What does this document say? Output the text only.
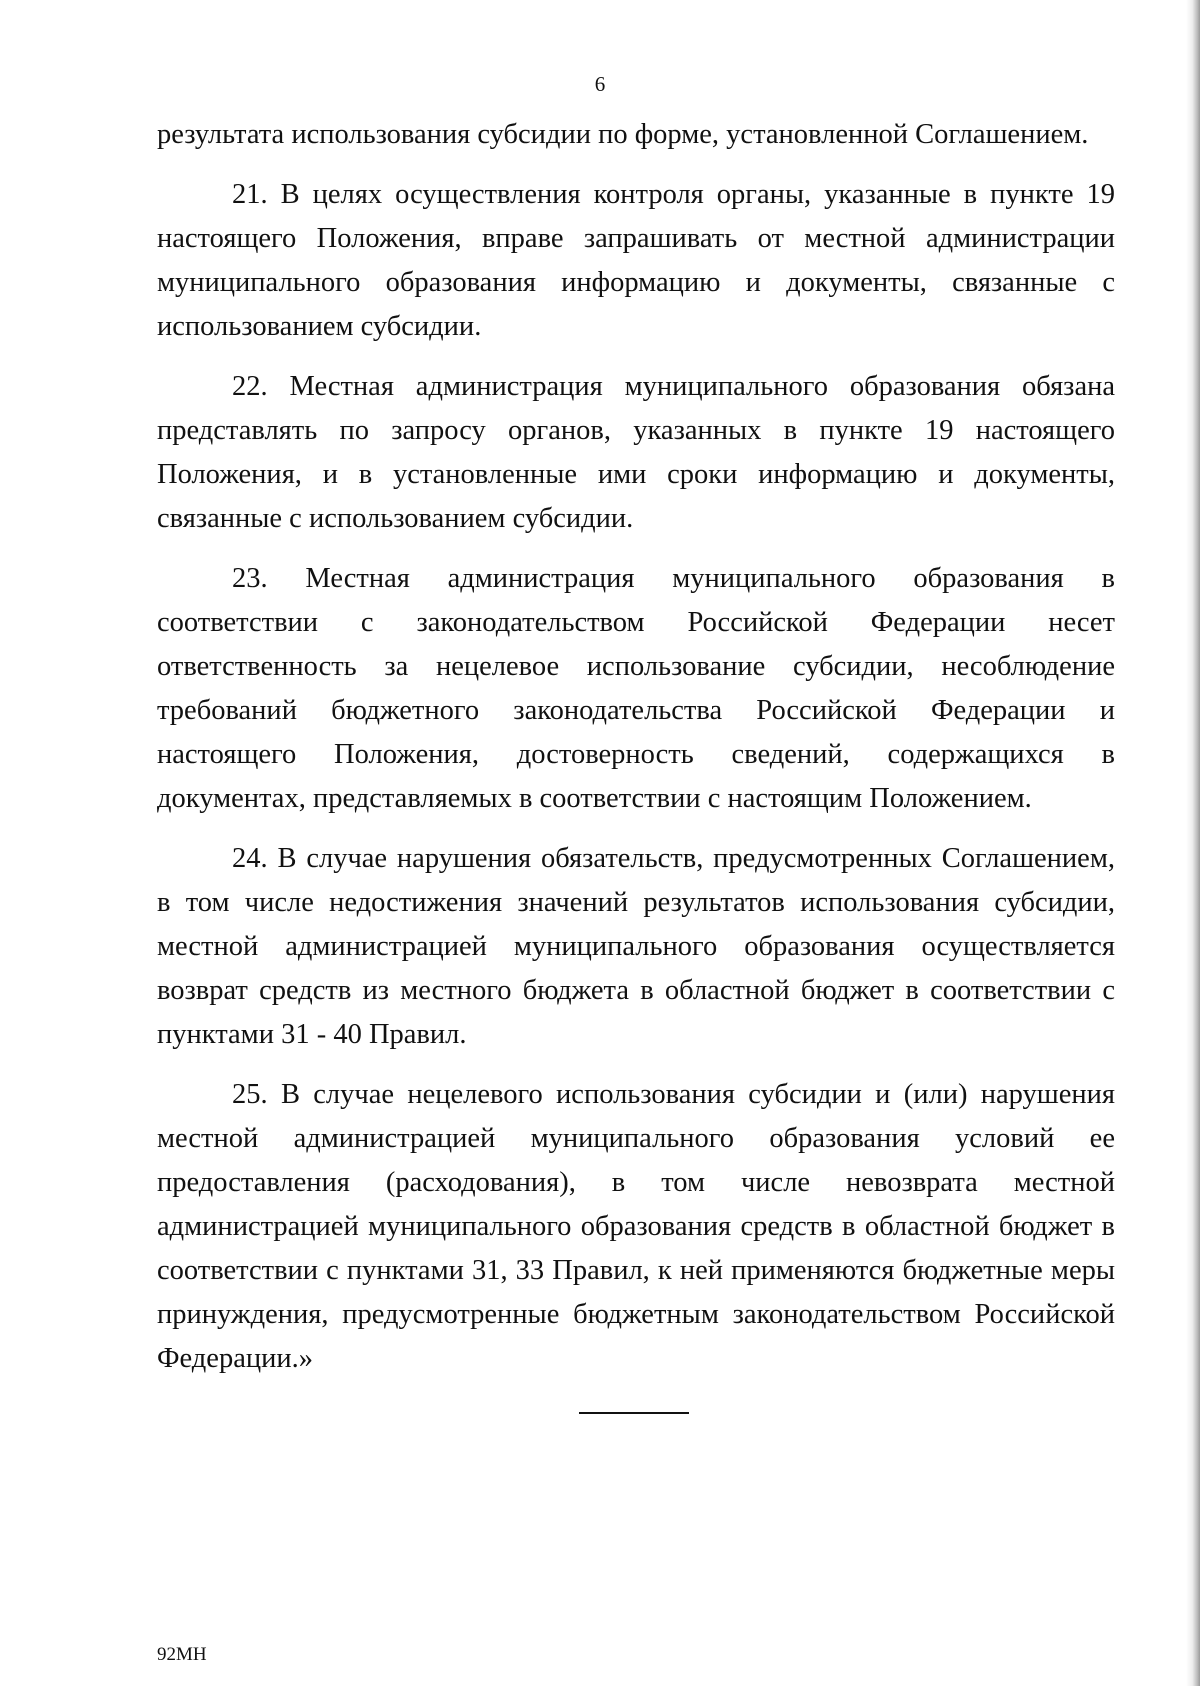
6

результата использования субсидии по форме, установленной Соглашением.

21. В целях осуществления контроля органы, указанные в пункте 19 настоящего Положения, вправе запрашивать от местной администрации муниципального образования информацию и документы, связанные с использованием субсидии.

22. Местная администрация муниципального образования обязана представлять по запросу органов, указанных в пункте 19 настоящего Положения, и в установленные ими сроки информацию и документы, связанные с использованием субсидии.

23. Местная администрация муниципального образования в соответствии с законодательством Российской Федерации несет ответственность за нецелевое использование субсидии, несоблюдение требований бюджетного законодательства Российской Федерации и настоящего Положения, достоверность сведений, содержащихся в документах, представляемых в соответствии с настоящим Положением.

24. В случае нарушения обязательств, предусмотренных Соглашением, в том числе недостижения значений результатов использования субсидии, местной администрацией муниципального образования осуществляется возврат средств из местного бюджета в областной бюджет в соответствии с пунктами 31 - 40 Правил.

25. В случае нецелевого использования субсидии и (или) нарушения местной администрацией муниципального образования условий ее предоставления (расходования), в том числе невозврата местной администрацией муниципального образования средств в областной бюджет в соответствии с пунктами 31, 33 Правил, к ней применяются бюджетные меры принуждения, предусмотренные бюджетным законодательством Российской Федерации.»

92МН
